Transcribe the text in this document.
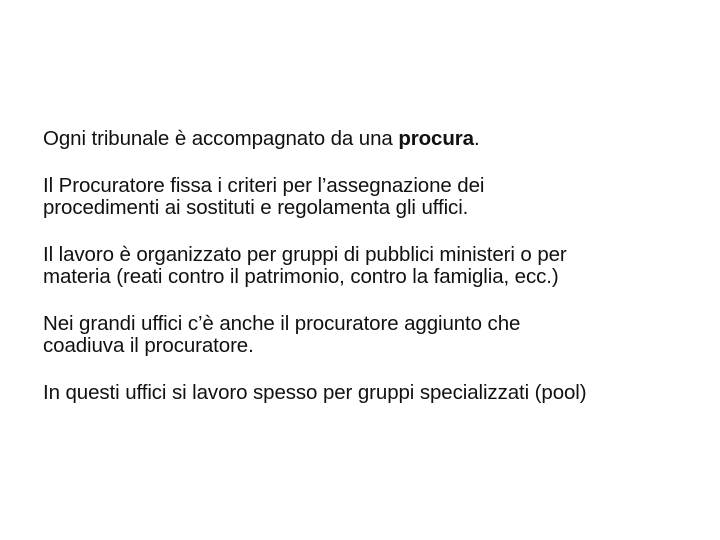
Ogni tribunale è accompagnato da una procura.

Il Procuratore fissa i criteri per l’assegnazione dei
procedimenti ai sostituti e regolamenta gli uffici.

Il lavoro è organizzato per gruppi di pubblici ministeri o per
materia (reati contro il patrimonio, contro la famiglia, ecc.)

Nei grandi uffici c’è anche il procuratore aggiunto che
coadiuva il procuratore.

In questi uffici si lavoro spesso per gruppi specializzati (pool)
